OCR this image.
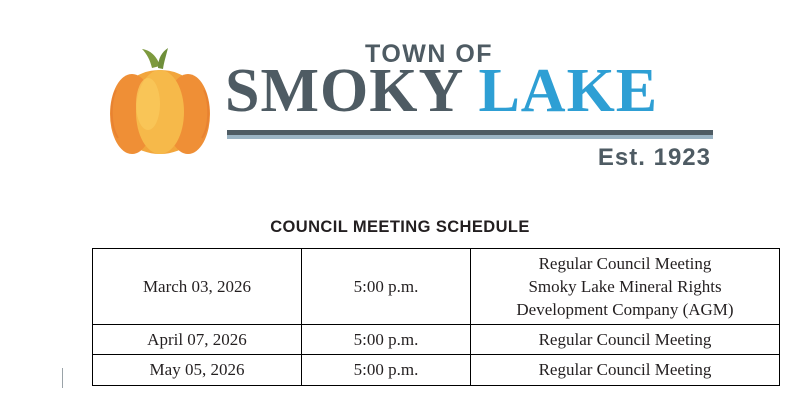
TOWN OF
SMOKY LAKE
Est. 1923
COUNCIL MEETING SCHEDULE
March 03, 2026	5:00 p.m.	Regular Council Meeting
Smoky Lake Mineral Rights
Development Company (AGM)

April 07, 2026	5:00 p.m.	Regular Council Meeting

May 05, 2026	5:00 p.m.	Regular Council Meeting
